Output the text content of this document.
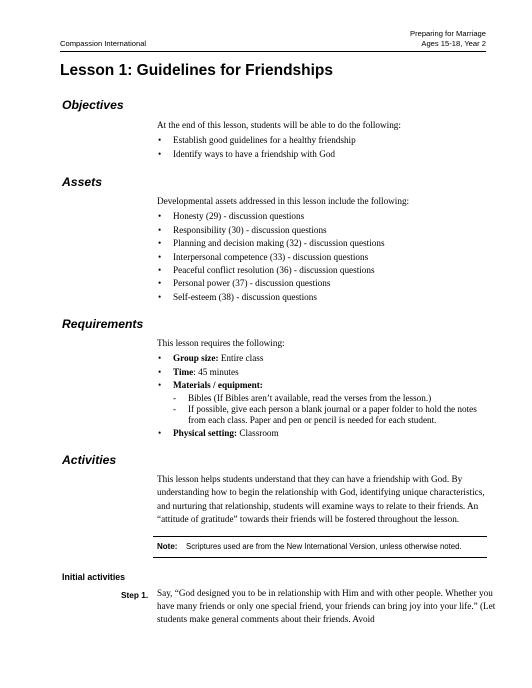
Compassion International
Preparing for Marriage
Ages 15-18, Year 2
Lesson 1: Guidelines for Friendships
Objectives

At the end of this lesson, students will be able to do the following:

• Establish good guidelines for a healthy friendship
• Identify ways to have a friendship with God
Assets

Developmental assets addressed in this lesson include the following:

• Honesty (29) - discussion questions
• Responsibility (30) - discussion questions
• Planning and decision making (32) - discussion questions
• Interpersonal competence (33) - discussion questions
• Peaceful conflict resolution (36) - discussion questions
• Personal power (37) - discussion questions
• Self-esteem (38) - discussion questions
Requirements

This lesson requires the following:

• Group size: Entire class
• Time: 45 minutes
• Materials / equipment:
- Bibles (If Bibles aren’t available, read the verses from the lesson.)
- If possible, give each person a blank journal or a paper folder to hold the notes from each class. Paper and pen or pencil is needed for each student.
• Physical setting: Classroom
Activities

This lesson helps students understand that they can have a friendship with God. By understanding how to begin the relationship with God, identifying unique characteristics, and nurturing that relationship, students will examine ways to relate to their friends. An “attitude of gratitude” towards their friends will be fostered throughout the lesson.

Note: Scriptures used are from the New International Version, unless otherwise noted.
Initial activities
Step 1. Say, “God designed you to be in relationship with Him and with other people. Whether you have many friends or only one special friend, your friends can bring joy into your life.” (Let students make general comments about their friends. Avoid
